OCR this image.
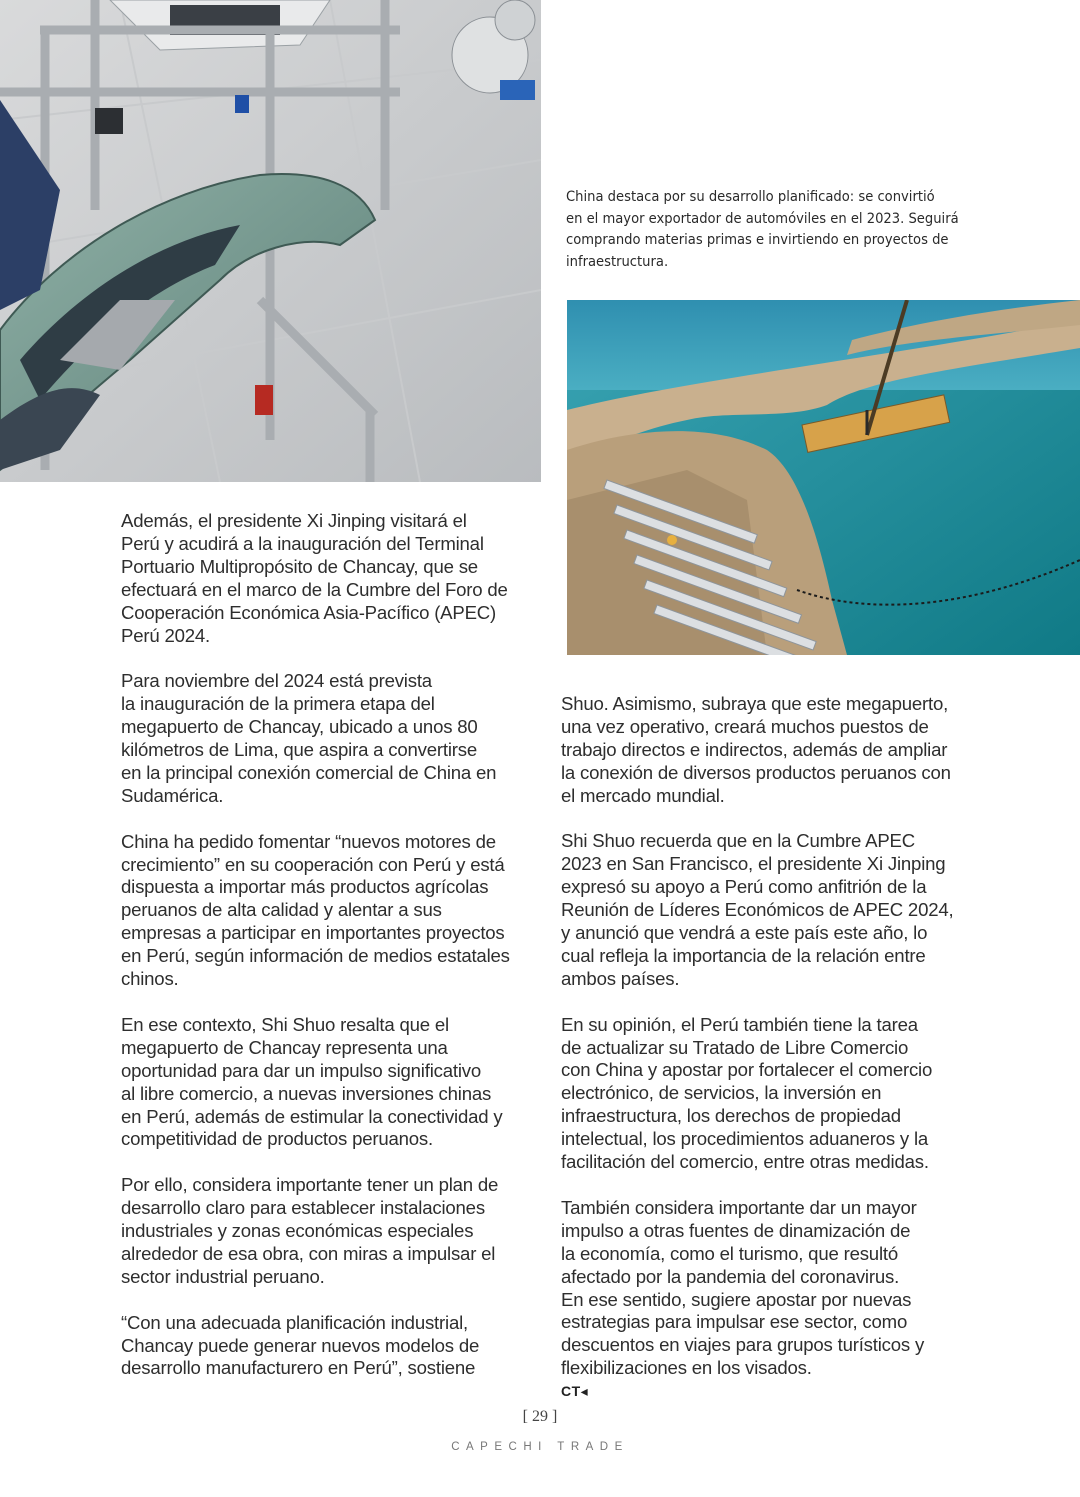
China destaca por su desarrollo planificado: se convirtió
en el mayor exportador de automóviles en el 2023. Seguirá
comprando materias primas e invirtiendo en proyectos de
infraestructura.

Además, el presidente Xi Jinping visitará el
Perú y acudirá a la inauguración del Terminal
Portuario Multipropósito de Chancay, que se
efectuará en el marco de la Cumbre del Foro de
Cooperación Económica Asia-Pacífico (APEC)
Perú 2024.

Para noviembre del 2024 está prevista
la inauguración de la primera etapa del
megapuerto de Chancay, ubicado a unos 80
kilómetros de Lima, que aspira a convertirse
en la principal conexión comercial de China en
Sudamérica.

China ha pedido fomentar “nuevos motores de
crecimiento” en su cooperación con Perú y está
dispuesta a importar más productos agrícolas
peruanos de alta calidad y alentar a sus
empresas a participar en importantes proyectos
en Perú, según información de medios estatales
chinos.

En ese contexto, Shi Shuo resalta que el
megapuerto de Chancay representa una
oportunidad para dar un impulso significativo
al libre comercio, a nuevas inversiones chinas
en Perú, además de estimular la conectividad y
competitividad de productos peruanos.

Por ello, considera importante tener un plan de
desarrollo claro para establecer instalaciones
industriales y zonas económicas especiales
alrededor de esa obra, con miras a impulsar el
sector industrial peruano.

“Con una adecuada planificación industrial,
Chancay puede generar nuevos modelos de
desarrollo manufacturero en Perú”, sostiene

Shuo. Asimismo, subraya que este megapuerto,
una vez operativo, creará muchos puestos de
trabajo directos e indirectos, además de ampliar
la conexión de diversos productos peruanos con
el mercado mundial.

Shi Shuo recuerda que en la Cumbre APEC
2023 en San Francisco, el presidente Xi Jinping
expresó su apoyo a Perú como anfitrión de la
Reunión de Líderes Económicos de APEC 2024,
y anunció que vendrá a este país este año, lo
cual refleja la importancia de la relación entre
ambos países.

En su opinión, el Perú también tiene la tarea
de actualizar su Tratado de Libre Comercio
con China y apostar por fortalecer el comercio
electrónico, de servicios, la inversión en
infraestructura, los derechos de propiedad
intelectual, los procedimientos aduaneros y la
facilitación del comercio, entre otras medidas.

También considera importante dar un mayor
impulso a otras fuentes de dinamización de
la economía, como el turismo, que resultó
afectado por la pandemia del coronavirus.
En ese sentido, sugiere apostar por nuevas
estrategias para impulsar ese sector, como
descuentos en viajes para grupos turísticos y
flexibilizaciones en los visados.
CT◂

[ 29 ]
CAPECHI TRADE
